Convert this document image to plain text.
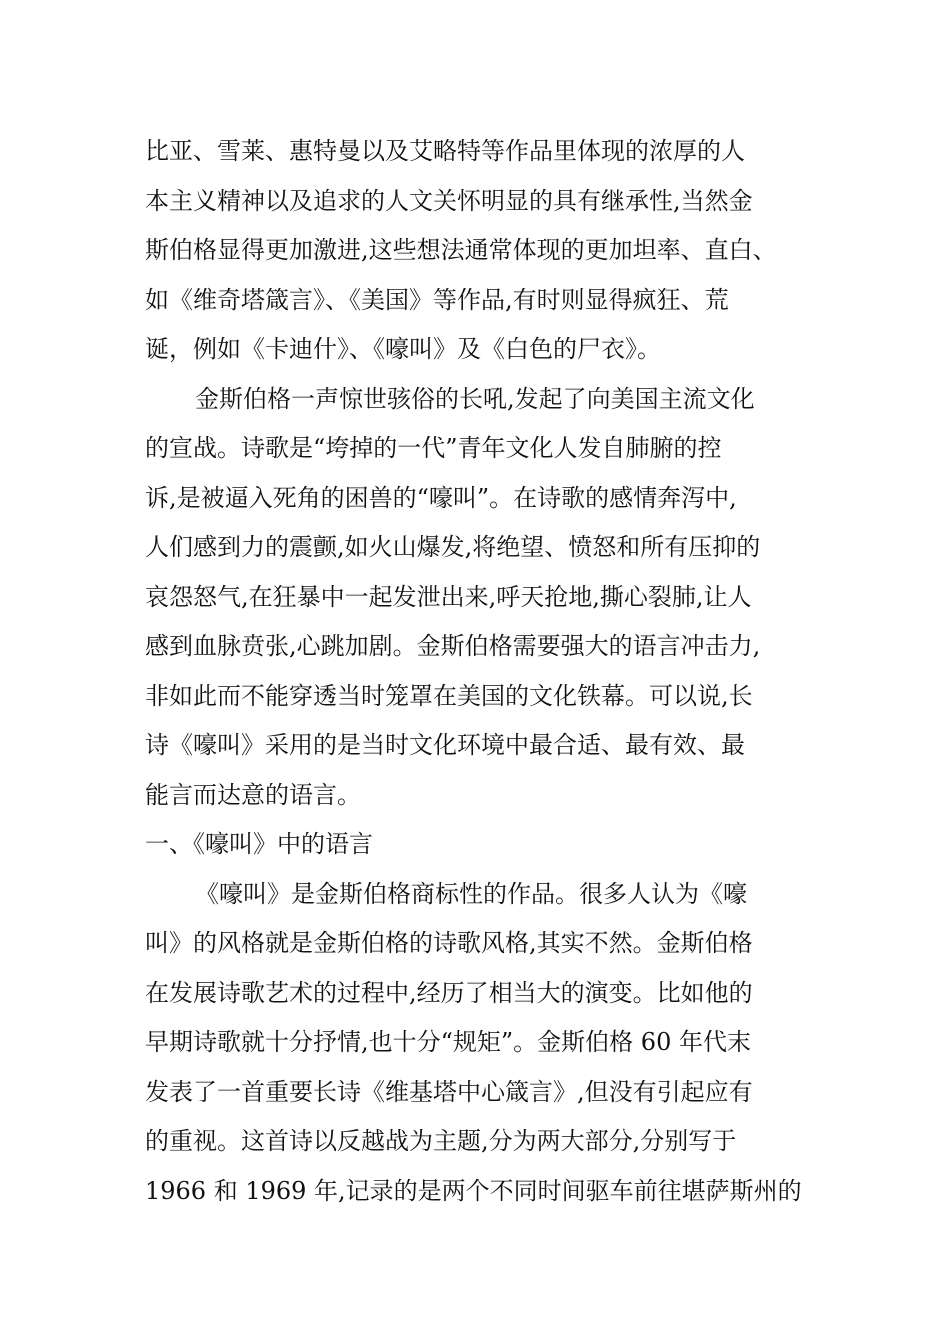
比亚、雪莱、惠特曼以及艾略特等作品里体现的浓厚的人
本主义精神以及追求的人文关怀明显的具有继承性,当然金
斯伯格显得更加激进,这些想法通常体现的更加坦率、直白、
如《维奇塔箴言》、《美国》等作品,有时则显得疯狂、荒
诞，例如《卡迪什》、《嚎叫》及《白色的尸衣》。
金斯伯格一声惊世骇俗的长吼,发起了向美国主流文化
的宣战。诗歌是“垮掉的一代”青年文化人发自肺腑的控
诉,是被逼入死角的困兽的“嚎叫”。在诗歌的感情奔泻中,
人们感到力的震颤,如火山爆发,将绝望、愤怒和所有压抑的
哀怨怒气,在狂暴中一起发泄出来,呼天抢地,撕心裂肺,让人
感到血脉贲张,心跳加剧。金斯伯格需要强大的语言冲击力,
非如此而不能穿透当时笼罩在美国的文化铁幕。可以说,长
诗《嚎叫》采用的是当时文化环境中最合适、最有效、最
能言而达意的语言。
一、《嚎叫》中的语言
《嚎叫》是金斯伯格商标性的作品。很多人认为《嚎
叫》的风格就是金斯伯格的诗歌风格,其实不然。金斯伯格
在发展诗歌艺术的过程中,经历了相当大的演变。比如他的
早期诗歌就十分抒情,也十分“规矩”。金斯伯格 60 年代末
发表了一首重要长诗《维基塔中心箴言》,但没有引起应有
的重视。这首诗以反越战为主题,分为两大部分,分别写于
1966 和 1969 年,记录的是两个不同时间驱车前往堪萨斯州的
